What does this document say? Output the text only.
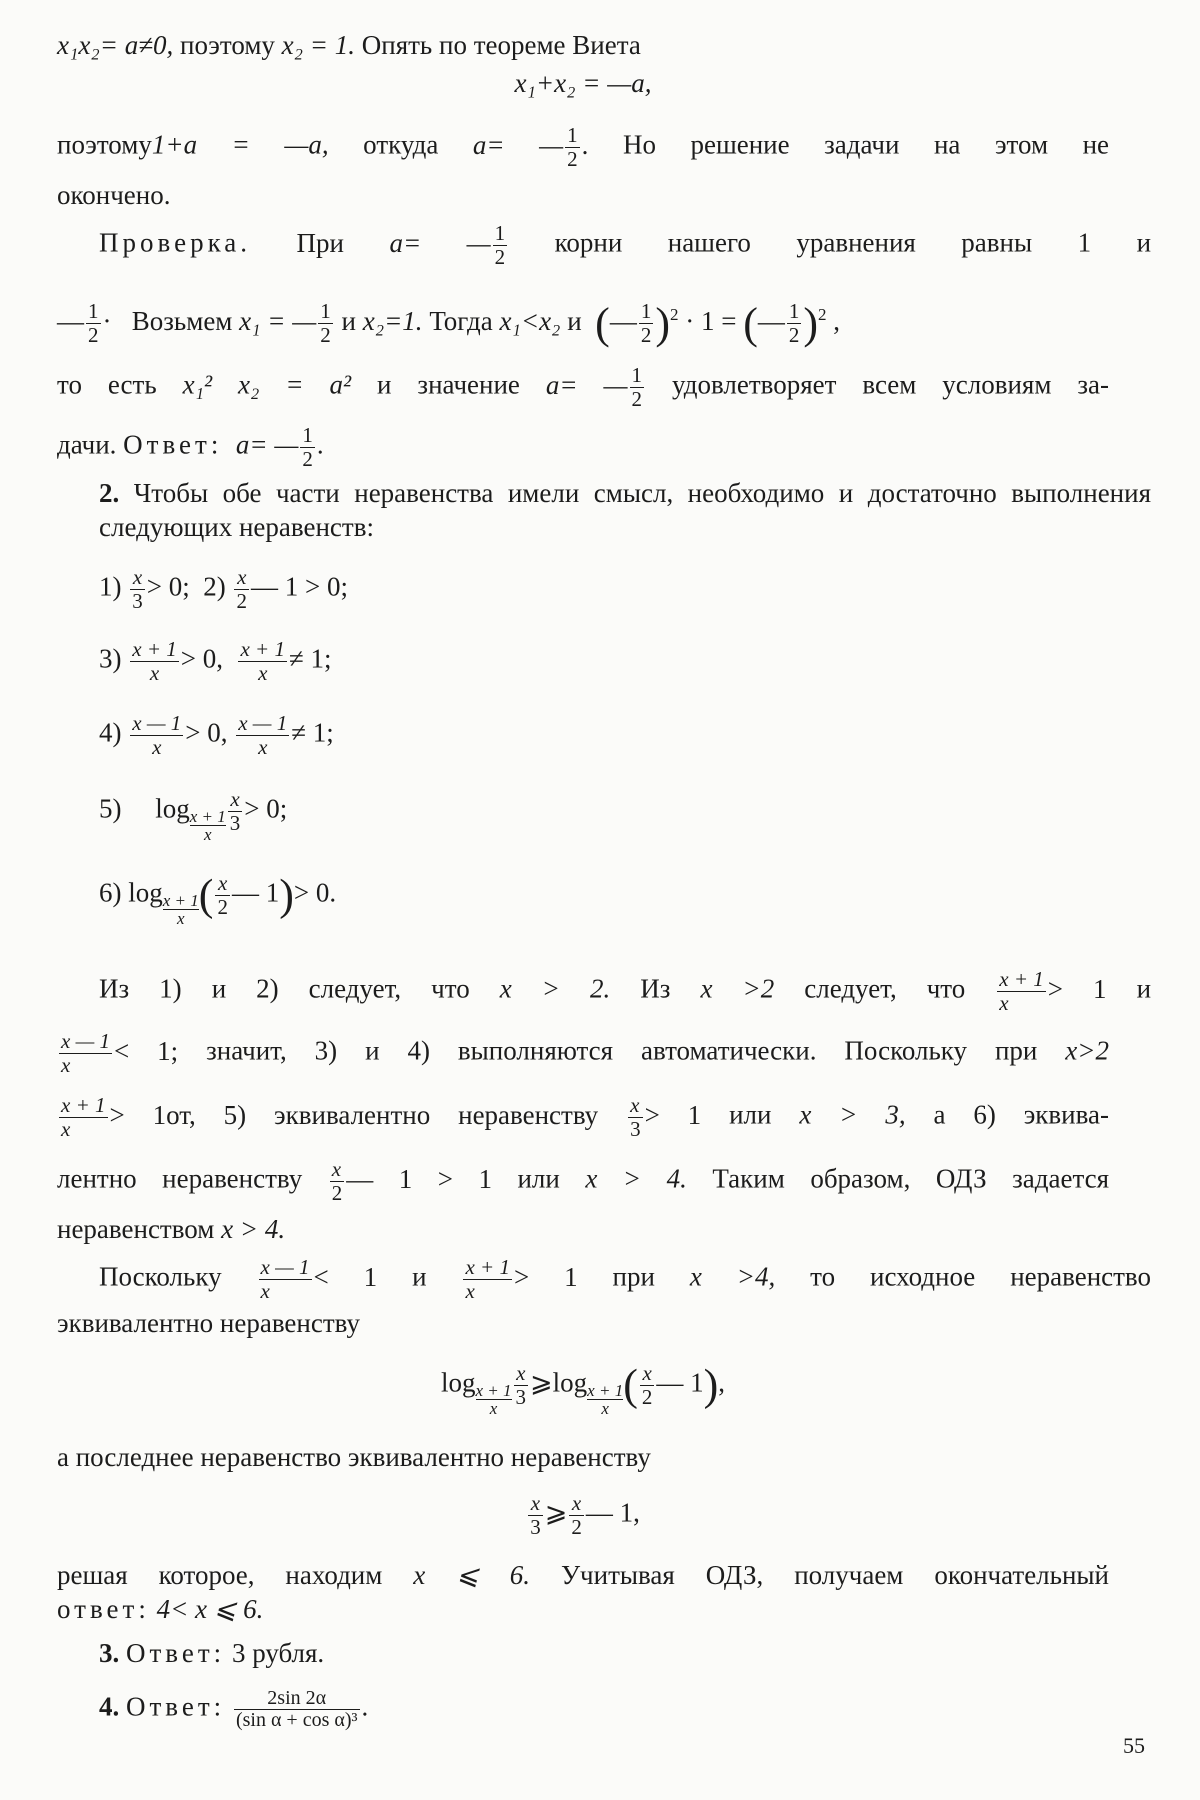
x₁x₂= a≠0, поэтому x₂ = 1. Опять по теореме Виета
x₁+x₂ = —a,
поэтому1+a = —a, откуда a= — $\frac{1}{2}$ . Но решение задачи на этом не
окончено.
Проверка. При a= — $\frac{1}{2}$ корни нашего уравнения равны 1 и
— $\frac{1}{2}$ ·   Возьмем x₁ = — $\frac{1}{2}$ и x₂=1. Тогда x₁<x₂ и (— $\frac{1}{2} )^2 \cdot 1$ = (— $\frac{1}{2} )^2$ ,
то есть x₁² x₂ = a² и значение a= — $\frac{1}{2}$ удовлетворяет всем условиям за-
дачи. Ответ: a= — $\frac{1}{2}$ .
2. Чтобы обе части неравенства имели смысл, необходимо и достаточно выполнения следующих неравенств:
$1) \frac{x}{3} > 0$; $2) \frac{x}{2}$ — 1 > 0;
$3) \frac{x + 1}{x} > 0$, $\frac{x + 1}{x} \ne 1$;
$4) \frac{x — 1}{x} > 0$, $\frac{x — 1}{x} \ne 1$;
5) $\log \frac{x + 1}{x} \frac{x}{3} > 0$;
6) $\log \frac{x + 1}{x}$ ( $\frac{x}{2}$ — 1)> 0.
Из 1) и 2) следует, что x > 2. Из x >2 следует, что $\frac{x + 1}{x} > 1$ и
$\frac{x — 1}{x} < 1$; значит, 3) и 4) выполняются автоматически. Поскольку при x>2
$\frac{x + 1}{x} > 1от$, 5) эквивалентно неравенству $\frac{x}{3} > 1$ или x > 3, а 6) эквива-
лентно неравенству $\frac{x}{2}$ — 1 > 1 или x > 4. Таким образом, ОДЗ задается
неравенством x > 4.
Поскольку $\frac{x — 1}{x} < 1$ и $\frac{x + 1}{x} > 1$ при x >4, то исходное неравенство
эквивалентно неравенству
$\log \frac{x + 1}{x} \frac{x}{3}$ ⩾log $\frac{x + 1}{x}$ ( $\frac{x}{2}$ — 1),
а последнее неравенство эквивалентно неравенству
$\frac{x}{3}$ ⩾ $\frac{x}{2}$ — 1,
решая которое, находим x ⩽ 6. Учитывая ОДЗ, получаем окончательный
ответ: 4< x ⩽ 6.
3. Ответ: 3 рубля.
4. Ответ: $\frac{2\sin 2\alpha}{\text{(sin α + cos α)³}}$ .
55
